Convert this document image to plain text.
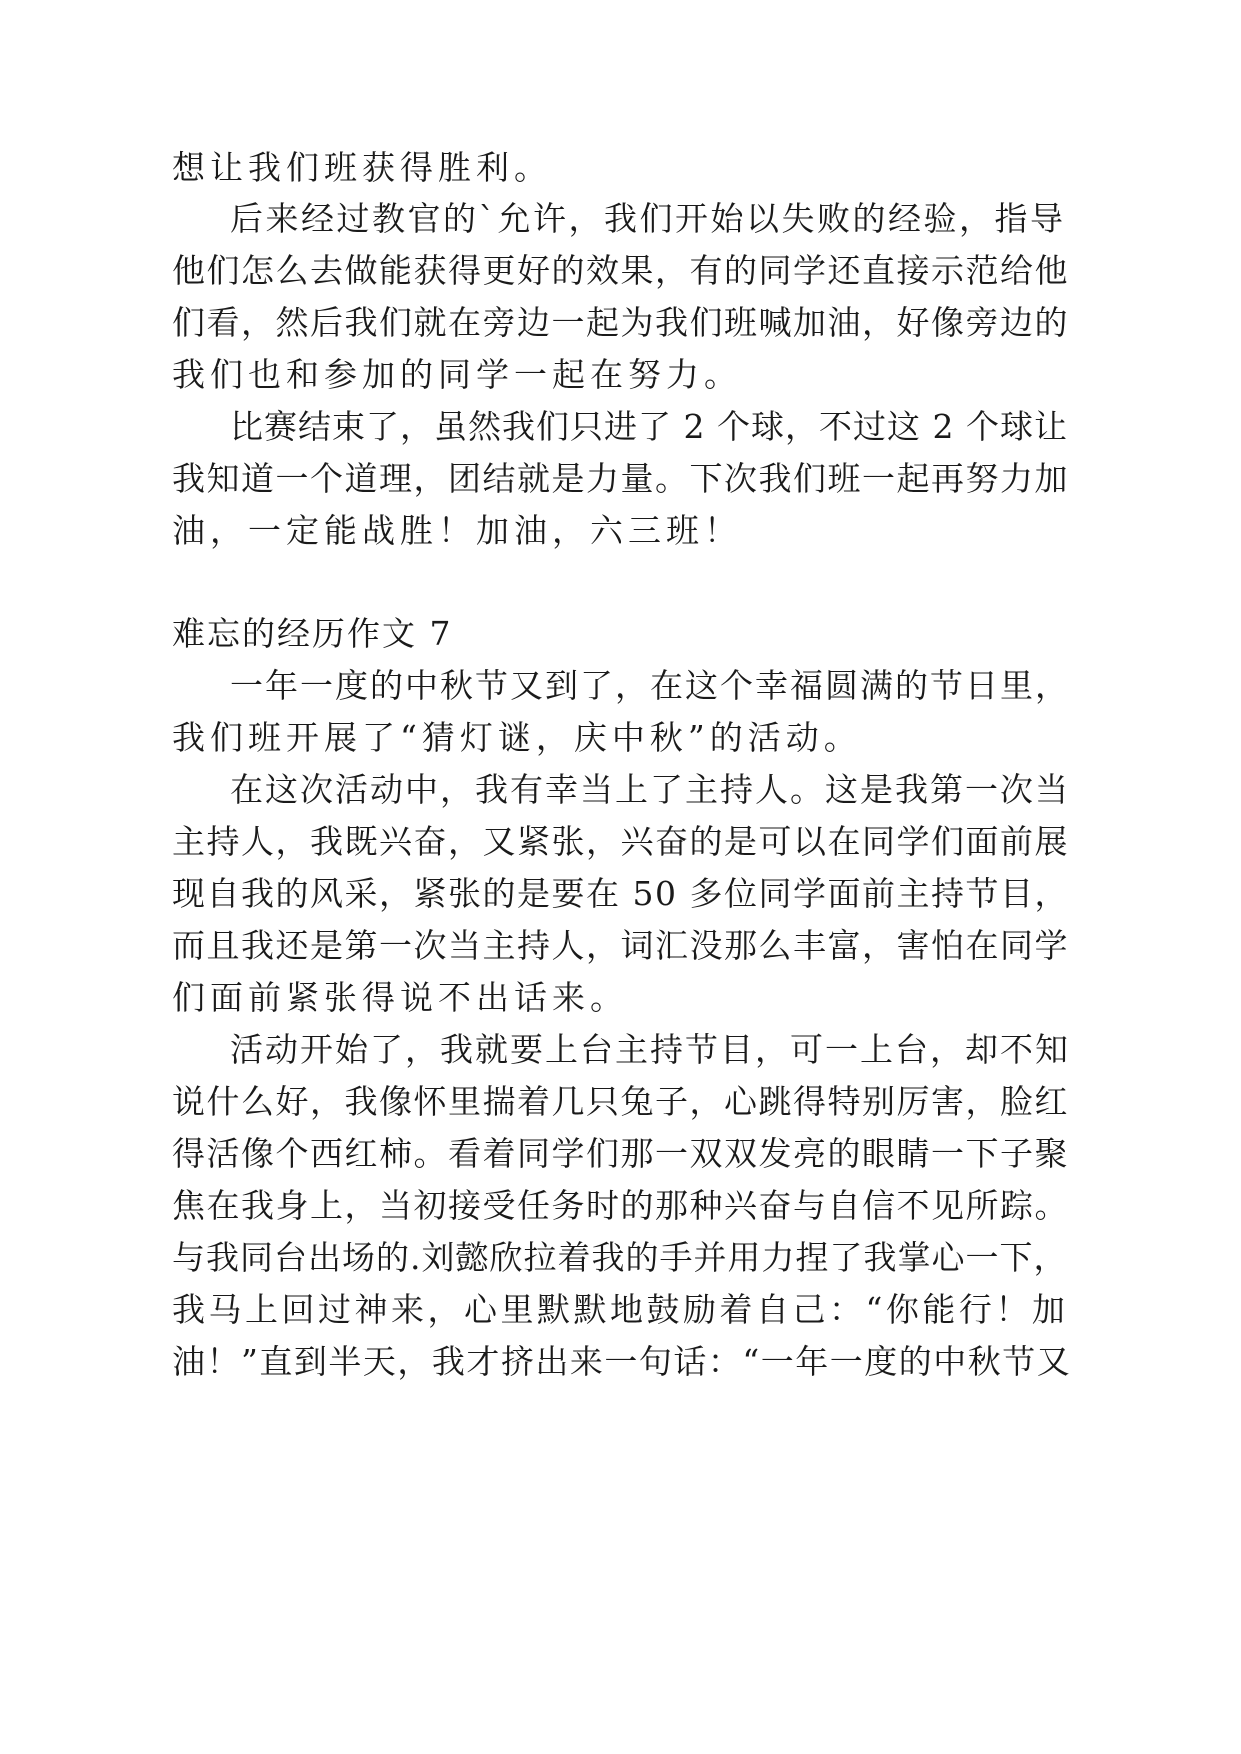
想让我们班获得胜利。

后来经过教官的`允许，我们开始以失败的经验，指导

他们怎么去做能获得更好的效果，有的同学还直接示范给他

们看，然后我们就在旁边一起为我们班喊加油，好像旁边的

我们也和参加的同学一起在努力。

比赛结束了，虽然我们只进了 2 个球，不过这 2 个球让

我知道一个道理，团结就是力量。下次我们班一起再努力加

油，一定能战胜！加油，六三班！

难忘的经历作文 7

一年一度的中秋节又到了，在这个幸福圆满的节日里，

我们班开展了“猜灯谜，庆中秋”的活动。

在这次活动中，我有幸当上了主持人。这是我第一次当

主持人，我既兴奋，又紧张，兴奋的是可以在同学们面前展

现自我的风采，紧张的是要在 50 多位同学面前主持节目，

而且我还是第一次当主持人，词汇没那么丰富，害怕在同学

们面前紧张得说不出话来。

活动开始了，我就要上台主持节目，可一上台，却不知

说什么好，我像怀里揣着几只兔子，心跳得特别厉害，脸红

得活像个西红柿。看着同学们那一双双发亮的眼睛一下子聚

焦在我身上，当初接受任务时的那种兴奋与自信不见所踪。

与我同台出场的.刘懿欣拉着我的手并用力捏了我掌心一下，

我马上回过神来，心里默默地鼓励着自己：“你能行！加

油！”直到半天，我才挤出来一句话：“一年一度的中秋节又
